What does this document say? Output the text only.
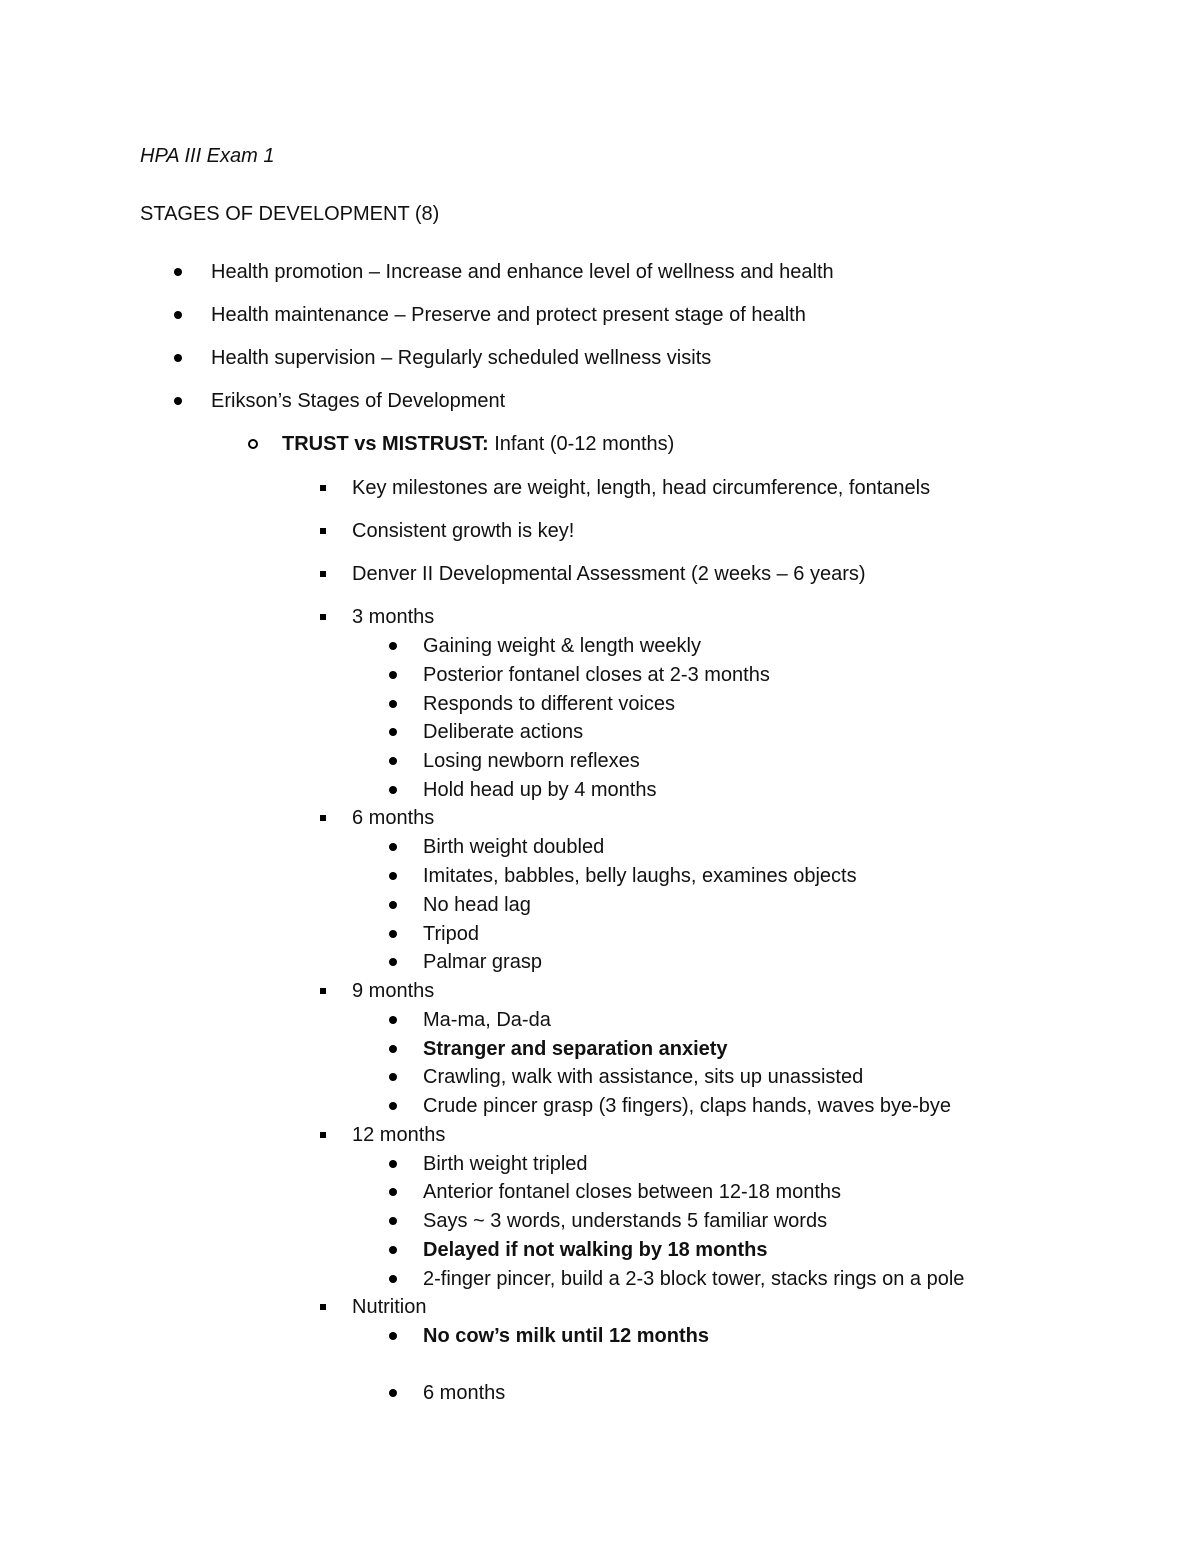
HPA III Exam 1
STAGES OF DEVELOPMENT (8)
Health promotion – Increase and enhance level of wellness and health
Health maintenance – Preserve and protect present stage of health
Health supervision – Regularly scheduled wellness visits
Erikson’s Stages of Development
TRUST vs MISTRUST: Infant (0-12 months)
Key milestones are weight, length, head circumference, fontanels
Consistent growth is key!
Denver II Developmental Assessment (2 weeks – 6 years)
3 months
Gaining weight & length weekly
Posterior fontanel closes at 2-3 months
Responds to different voices
Deliberate actions
Losing newborn reflexes
Hold head up by 4 months
6 months
Birth weight doubled
Imitates, babbles, belly laughs, examines objects
No head lag
Tripod
Palmar grasp
9 months
Ma-ma, Da-da
Stranger and separation anxiety
Crawling, walk with assistance, sits up unassisted
Crude pincer grasp (3 fingers), claps hands, waves bye-bye
12 months
Birth weight tripled
Anterior fontanel closes between 12-18 months
Says ~ 3 words, understands 5 familiar words
Delayed if not walking by 18 months
2-finger pincer, build a 2-3 block tower, stacks rings on a pole
Nutrition
No cow’s milk until 12 months
6 months
